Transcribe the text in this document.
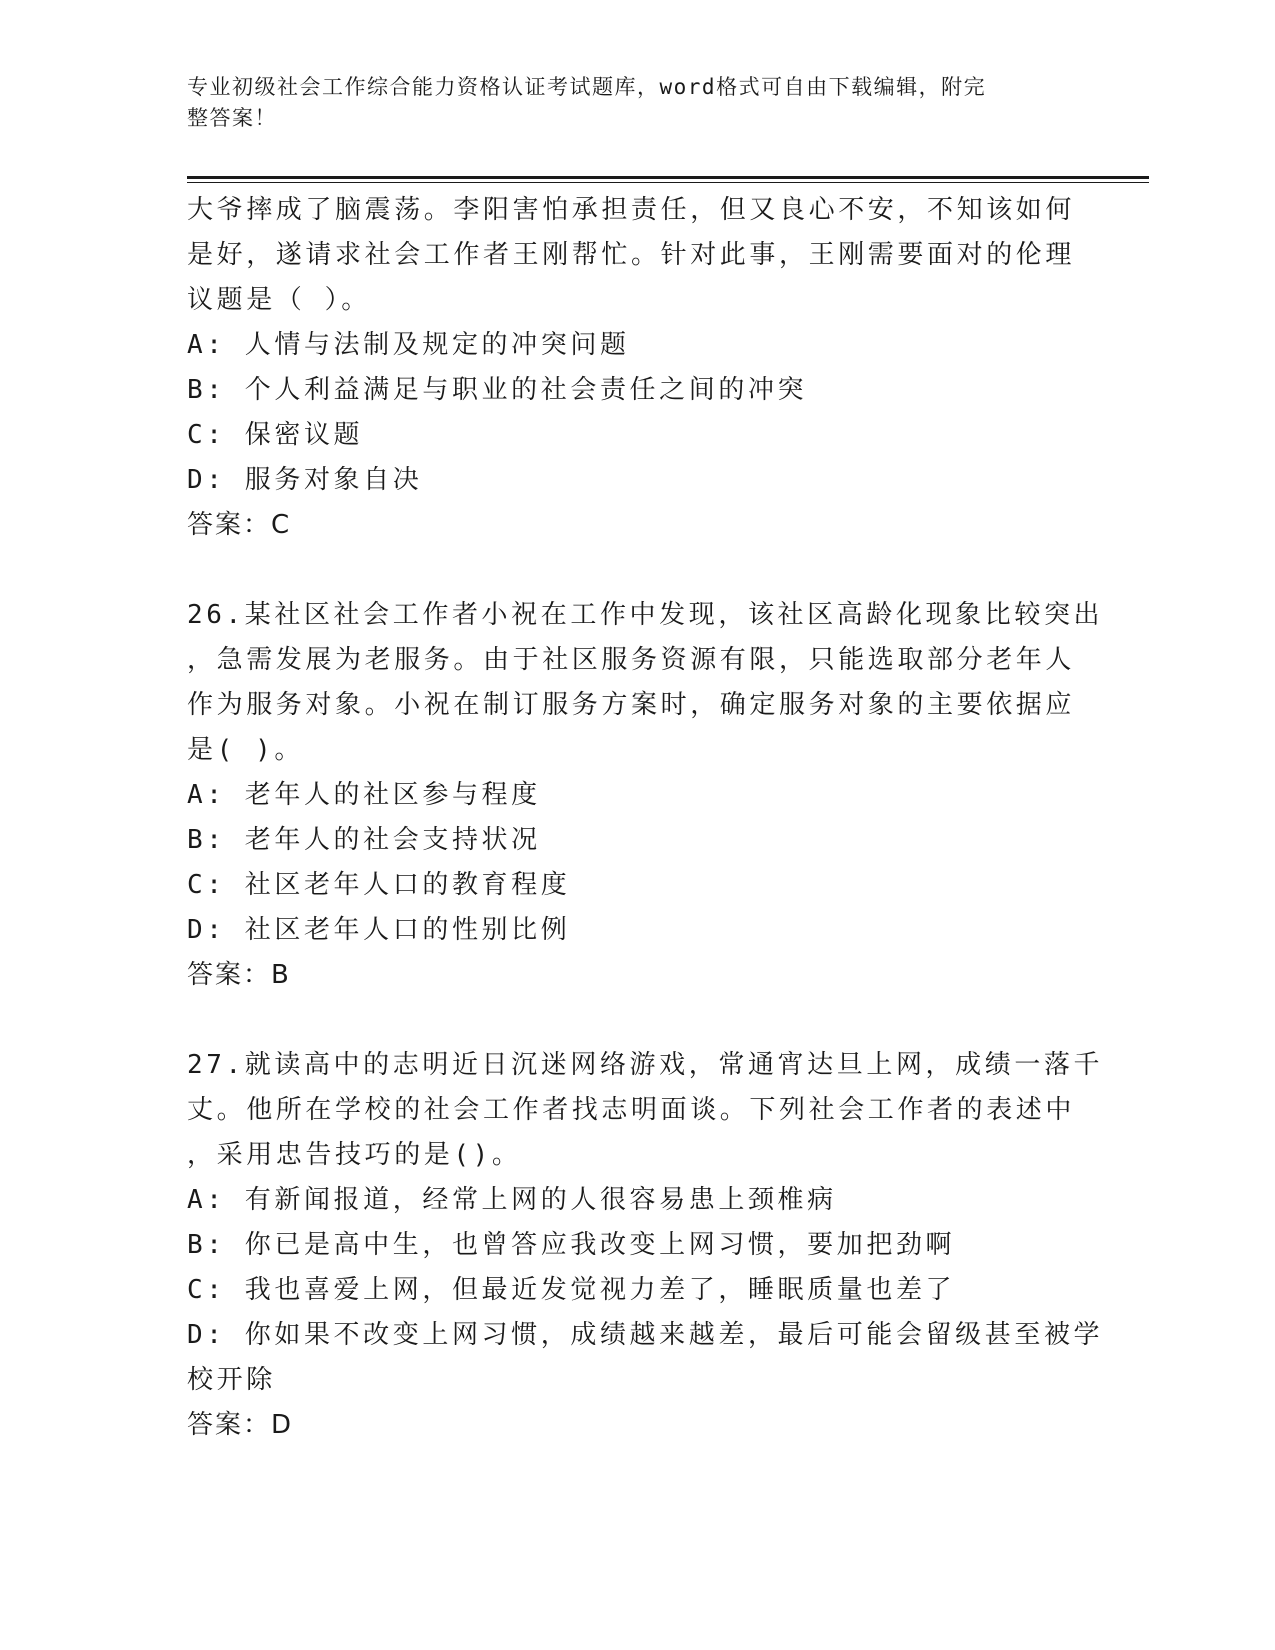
专业初级社会工作综合能力资格认证考试题库，word格式可自由下载编辑，附完
整答案！
大爷摔成了脑震荡。李阳害怕承担责任，但又良心不安，不知该如何
是好，遂请求社会工作者王刚帮忙。针对此事，王刚需要面对的伦理
议题是（ ）。
A: 人情与法制及规定的冲突问题
B: 个人利益满足与职业的社会责任之间的冲突
C: 保密议题
D: 服务对象自决
答案：C
26.某社区社会工作者小祝在工作中发现，该社区高龄化现象比较突出
，急需发展为老服务。由于社区服务资源有限，只能选取部分老年人
作为服务对象。小祝在制订服务方案时，确定服务对象的主要依据应
是( )。
A: 老年人的社区参与程度
B: 老年人的社会支持状况
C: 社区老年人口的教育程度
D: 社区老年人口的性别比例
答案：B
27.就读高中的志明近日沉迷网络游戏，常通宵达旦上网，成绩一落千
丈。他所在学校的社会工作者找志明面谈。下列社会工作者的表述中
，采用忠告技巧的是()。
A: 有新闻报道，经常上网的人很容易患上颈椎病
B: 你已是高中生，也曾答应我改变上网习惯，要加把劲啊
C: 我也喜爱上网，但最近发觉视力差了，睡眠质量也差了
D: 你如果不改变上网习惯，成绩越来越差，最后可能会留级甚至被学
校开除
答案：D
